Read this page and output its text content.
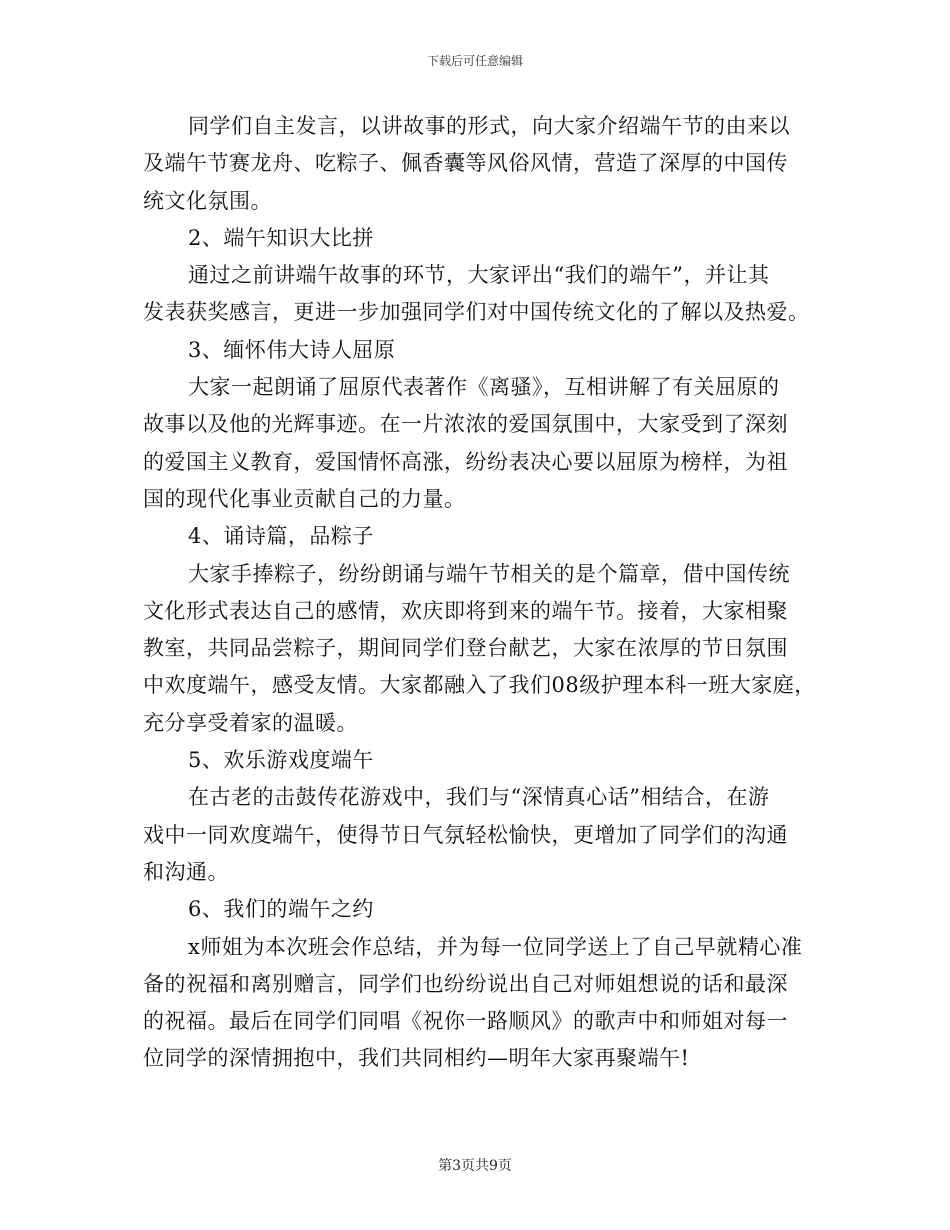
下载后可任意编辑
同学们自主发言，以讲故事的形式，向大家介绍端午节的由来以
及端午节赛龙舟、吃粽子、佩香囊等风俗风情，营造了深厚的中国传
统文化氛围。
2、端午知识大比拼
通过之前讲端午故事的环节，大家评出“我们的端午”，并让其
发表获奖感言，更进一步加强同学们对中国传统文化的了解以及热爱。
3、缅怀伟大诗人屈原
大家一起朗诵了屈原代表著作《离骚》，互相讲解了有关屈原的
故事以及他的光辉事迹。在一片浓浓的爱国氛围中，大家受到了深刻
的爱国主义教育，爱国情怀高涨，纷纷表决心要以屈原为榜样，为祖
国的现代化事业贡献自己的力量。
4、诵诗篇，品粽子
大家手捧粽子，纷纷朗诵与端午节相关的是个篇章，借中国传统
文化形式表达自己的感情，欢庆即将到来的端午节。接着，大家相聚
教室，共同品尝粽子，期间同学们登台献艺，大家在浓厚的节日氛围
中欢度端午，感受友情。大家都融入了我们08级护理本科一班大家庭，
充分享受着家的温暖。
5、欢乐游戏度端午
在古老的击鼓传花游戏中，我们与“深情真心话”相结合，在游
戏中一同欢度端午，使得节日气氛轻松愉快，更增加了同学们的沟通
和沟通。
6、我们的端午之约
x师姐为本次班会作总结，并为每一位同学送上了自己早就精心准
备的祝福和离别赠言，同学们也纷纷说出自己对师姐想说的话和最深
的祝福。最后在同学们同唱《祝你一路顺风》的歌声中和师姐对每一
位同学的深情拥抱中，我们共同相约—明年大家再聚端午!
第3页共9页
